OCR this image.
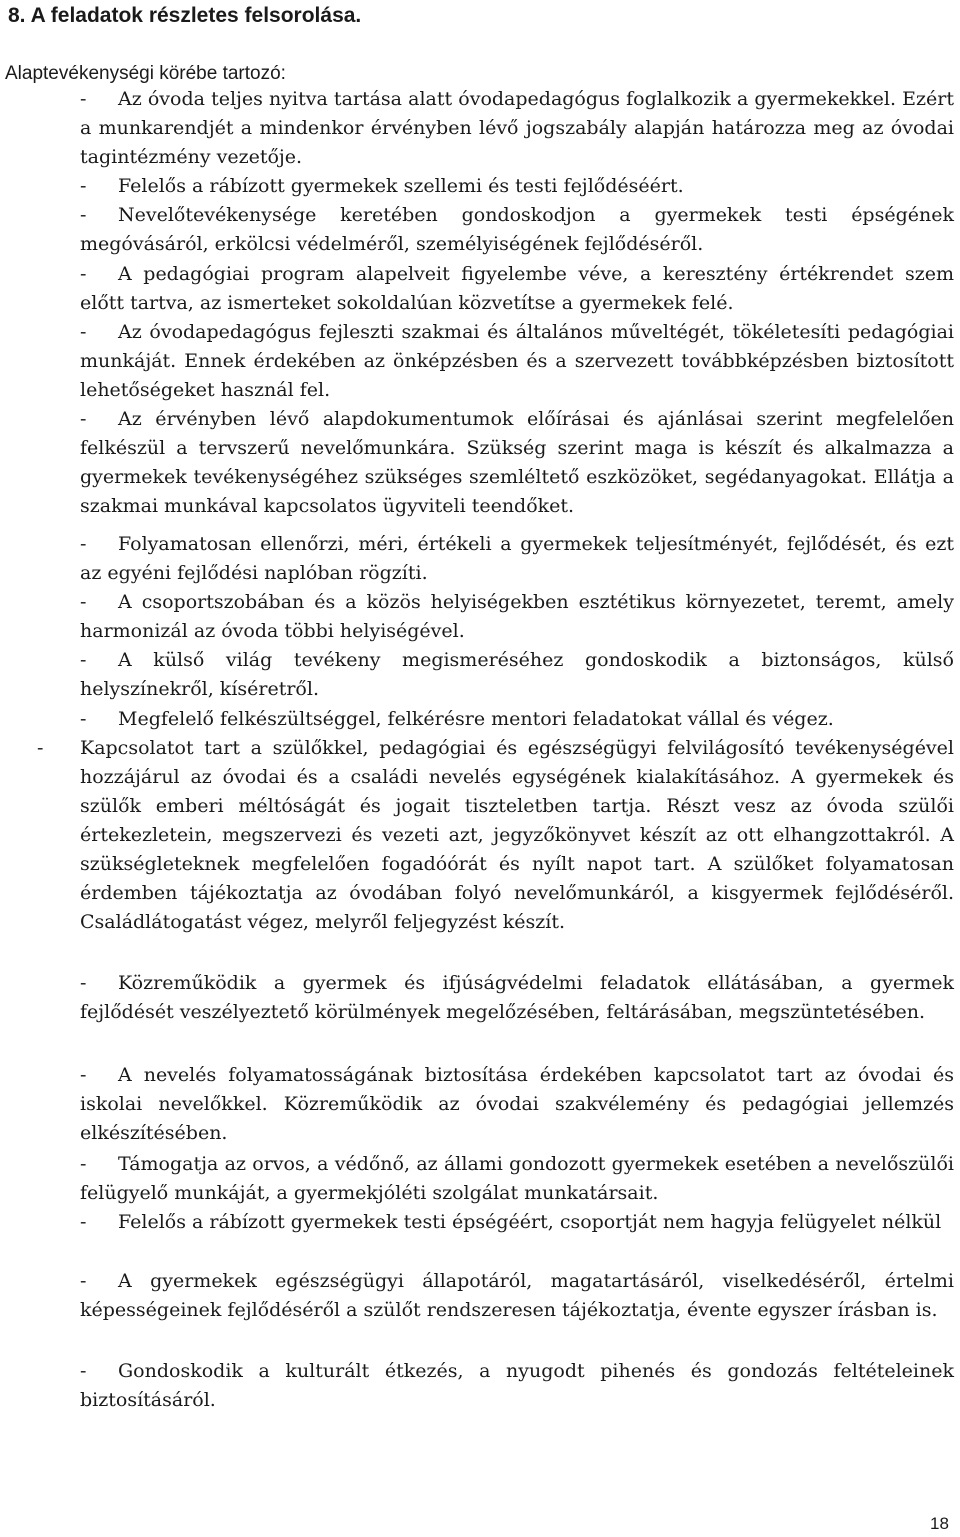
8. A feladatok részletes felsorolása.
Alaptevékenységi körébe tartozó:

- Az óvoda teljes nyitva tartása alatt óvodapedagógus foglalkozik a gyermekekkel. Ezért a munkarendjét a mindenkor érvényben lévő jogszabály alapján határozza meg az óvodai tagintézmény vezetője.

- Felelős a rábízott gyermekek szellemi és testi fejlődéséért.

- Nevelőtevékenysége keretében gondoskodjon a gyermekek testi épségének megóvásáról, erkölcsi védelméről, személyiségének fejlődéséről.

- A pedagógiai program alapelveit figyelembe véve, a keresztény értékrendet szem előtt tartva, az ismerteket sokoldalúan közvetítse a gyermekek felé.

- Az óvodapedagógus fejleszti szakmai és általános műveltégét, tökéletesíti pedagógiai munkáját. Ennek érdekében az önképzésben és a szervezett továbbképzésben biztosított lehetőségeket használ fel.

- Az érvényben lévő alapdokumentumok előírásai és ajánlásai szerint megfelelően felkészül a tervszerű nevelőmunkára. Szükség szerint maga is készít és alkalmazza a gyermekek tevékenységéhez szükséges szemléltető eszközöket, segédanyagokat. Ellátja a szakmai munkával kapcsolatos ügyviteli teendőket.

- Folyamatosan ellenőrzi, méri, értékeli a gyermekek teljesítményét, fejlődését, és ezt az egyéni fejlődési naplóban rögzíti.

- A csoportszobában és a közös helyiségekben esztétikus környezetet, teremt, amely harmonizál az óvoda többi helyiségével.

- A külső világ tevékeny megismeréséhez gondoskodik a biztonságos, külső helyszínekről, kíséretről.

- Megfelelő felkészültséggel, felkérésre mentori feladatokat vállal és végez.

- Kapcsolatot tart a szülőkkel, pedagógiai és egészségügyi felvilágosító tevékenységével hozzájárul az óvodai és a családi nevelés egységének kialakításához. A gyermekek és szülők emberi méltóságát és jogait tiszteletben tartja. Részt vesz az óvoda szülői értekezletein, megszervezi és vezeti azt, jegyzőkönyvet készít az ott elhangzottakról. A szükségleteknek megfelelően fogadóórát és nyílt napot tart. A szülőket folyamatosan érdemben tájékoztatja az óvodában folyó nevelőmunkáról, a kisgyermek fejlődéséről. Családlátogatást végez, melyről feljegyzést készít.

- Közreműködik a gyermek és ifjúságvédelmi feladatok ellátásában, a gyermek fejlődését veszélyeztető körülmények megelőzésében, feltárásában, megszüntetésében.

- A nevelés folyamatosságának biztosítása érdekében kapcsolatot tart az óvodai és iskolai nevelőkkel. Közreműködik az óvodai szakvélemény és pedagógiai jellemzés elkészítésében.

- Támogatja az orvos, a védőnő, az állami gondozott gyermekek esetében a nevelőszülői felügyelő munkáját, a gyermekjóléti szolgálat munkatársait.

- Felelős a rábízott gyermekek testi épségéért, csoportját nem hagyja felügyelet nélkül

- A gyermekek egészségügyi állapotáról, magatartásáról, viselkedéséről, értelmi képességeinek fejlődéséről a szülőt rendszeresen tájékoztatja, évente egyszer írásban is.

- Gondoskodik a kulturált étkezés, a nyugodt pihenés és gondozás feltételeinek biztosításáról.

18
